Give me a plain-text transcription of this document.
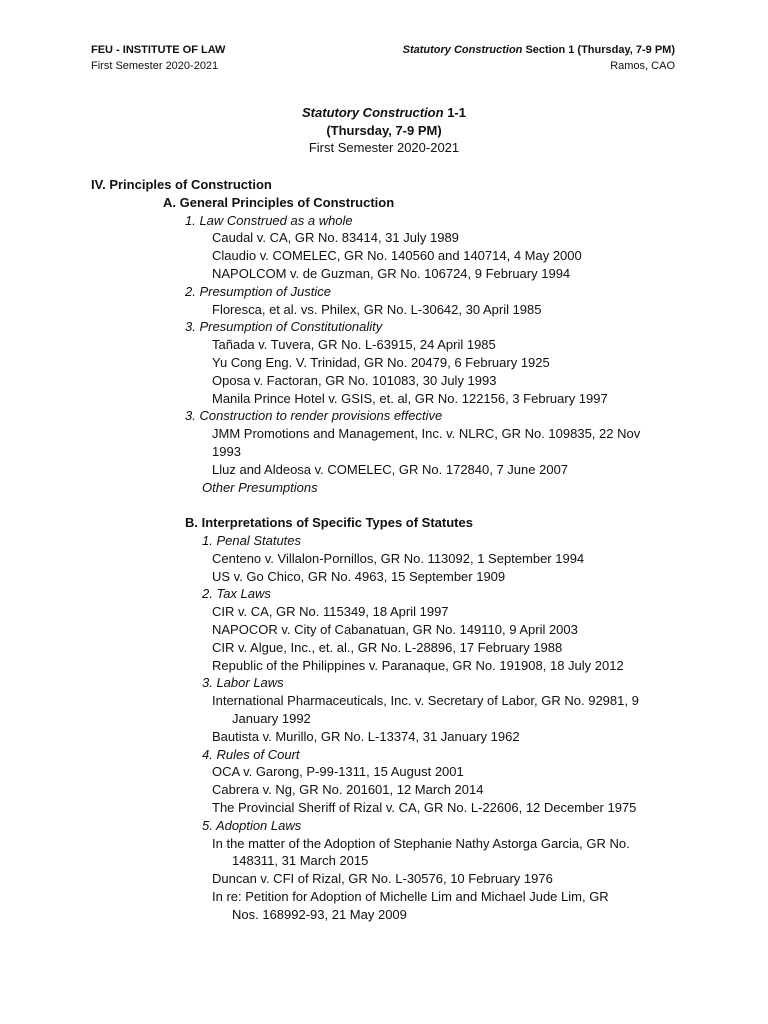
FEU - INSTITUTE OF LAW
First Semester 2020-2021
Statutory Construction Section 1 (Thursday, 7-9 PM)
Ramos, CAO
Statutory Construction 1-1
(Thursday, 7-9 PM)
First Semester 2020-2021
IV. Principles of Construction
A. General Principles of Construction
1. Law Construed as a whole
Caudal v. CA, GR No. 83414, 31 July 1989
Claudio v. COMELEC, GR No. 140560 and 140714, 4 May 2000
NAPOLCOM v. de Guzman, GR No. 106724, 9 February 1994
2. Presumption of Justice
Floresca, et al. vs. Philex, GR No. L-30642, 30 April 1985
3. Presumption of Constitutionality
Tañada v. Tuvera, GR No. L-63915, 24 April 1985
Yu Cong Eng. V. Trinidad, GR No. 20479, 6 February 1925
Oposa v. Factoran, GR No. 101083, 30 July 1993
Manila Prince Hotel v. GSIS, et. al, GR No. 122156, 3 February 1997
3. Construction to render provisions effective
JMM Promotions and Management, Inc. v. NLRC, GR No. 109835, 22 Nov
1993
Lluz and Aldeosa v. COMELEC, GR No. 172840, 7 June 2007
Other Presumptions
B. Interpretations of Specific Types of Statutes
1. Penal Statutes
Centeno v. Villalon-Pornillos, GR No. 113092, 1 September 1994
US v. Go Chico, GR No. 4963, 15 September 1909
2. Tax Laws
CIR v. CA, GR No. 115349, 18 April 1997
NAPOCOR v. City of Cabanatuan, GR No. 149110, 9 April 2003
CIR v. Algue, Inc., et. al., GR No. L-28896, 17 February 1988
Republic of the Philippines v. Paranaque, GR No. 191908, 18 July 2012
3. Labor Laws
International Pharmaceuticals, Inc. v. Secretary of Labor, GR No. 92981, 9
January 1992
Bautista v. Murillo, GR No. L-13374, 31 January 1962
4. Rules of Court
OCA v. Garong, P-99-1311, 15 August 2001
Cabrera v. Ng, GR No. 201601, 12 March 2014
The Provincial Sheriff of Rizal v. CA, GR No. L-22606, 12 December 1975
5. Adoption Laws
In the matter of the Adoption of Stephanie Nathy Astorga Garcia, GR No.
148311, 31 March 2015
Duncan v. CFI of Rizal, GR No. L-30576, 10 February 1976
In re: Petition for Adoption of Michelle Lim and Michael Jude Lim, GR
Nos. 168992-93, 21 May 2009
